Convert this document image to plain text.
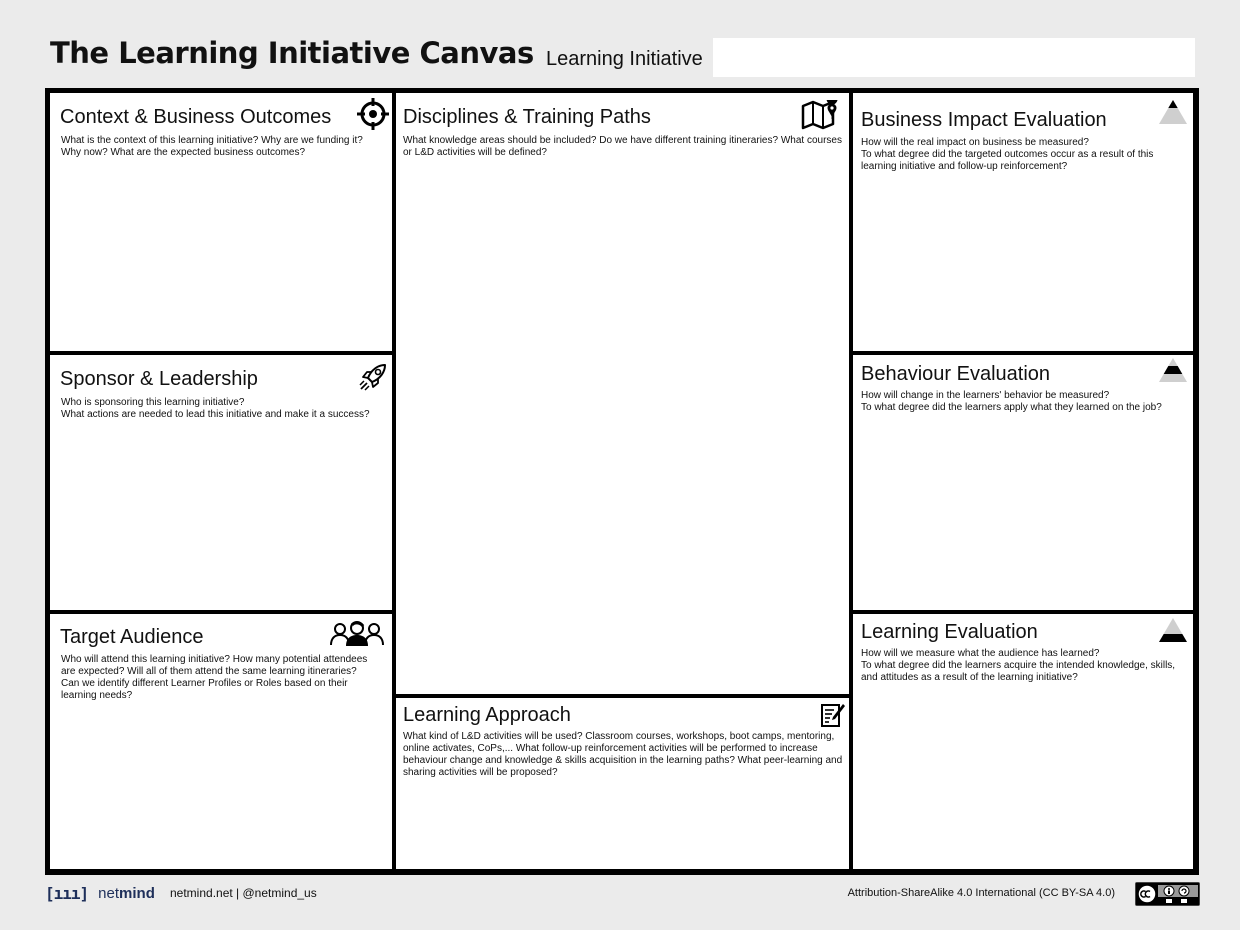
The Learning Initiative Canvas Learning Initiative
Context & Business Outcomes

What is the context of this learning initiative? Why are we funding it?
Why now? What are the expected business outcomes?

Disciplines & Training Paths

What knowledge areas should be included? Do we have different training itineraries? What courses
or L&D activities will be defined?

Business Impact Evaluation

How will the real impact on business be measured?
To what degree did the targeted outcomes occur as a result of this
learning initiative and follow-up reinforcement?

Sponsor & Leadership

Who is sponsoring this learning initiative?
What actions are needed to lead this initiative and make it a success?

Behaviour Evaluation

How will change in the learners' behavior be measured?
To what degree did the learners apply what they learned on the job?

Target Audience

Who will attend this learning initiative? How many potential attendees
are expected? Will all of them attend the same learning itineraries?
Can we identify different Learner Profiles or Roles based on their
learning needs?

Learning Evaluation

How will we measure what the audience has learned?
To what degree did the learners acquire the intended knowledge, skills,
and attitudes as a result of the learning initiative?

Learning Approach

What kind of L&D activities will be used? Classroom courses, workshops, boot camps, mentoring,
online activates, CoPs,... What follow-up reinforcement activities will be performed to increase
behaviour change and knowledge & skills acquisition in the learning paths? What peer-learning and
sharing activities will be proposed?

[ııı] netmind netmind.net | @netmind_us	Attribution-ShareAlike 4.0 International (CC BY-SA 4.0)
